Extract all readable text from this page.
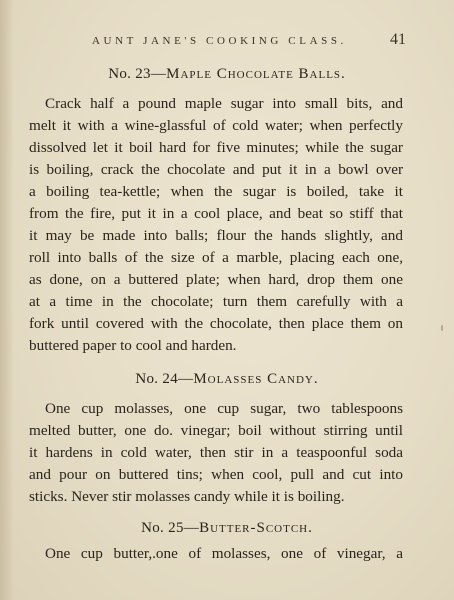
AUNT JANE'S COOKING CLASS.	41
No. 23—Maple Chocolate Balls.
Crack half a pound maple sugar into small bits, and
melt it with a wine-glassful of cold water; when perfectly
dissolved let it boil hard for five minutes; while the sugar
is boiling, crack the chocolate and put it in a bowl over
a boiling tea-kettle; when the sugar is boiled, take it
from the fire, put it in a cool place, and beat so stiff that
it may be made into balls; flour the hands slightly, and
roll into balls of the size of a marble, placing each one,
as done, on a buttered plate; when hard, drop them one
at a time in the chocolate; turn them carefully with a
fork until covered with the chocolate, then place them on
buttered paper to cool and harden.
No. 24—Molasses Candy.
One cup molasses, one cup sugar, two tablespoons
melted butter, one do. vinegar; boil without stirring until
it hardens in cold water, then stir in a teaspoonful soda
and pour on buttered tins; when cool, pull and cut into
sticks. Never stir molasses candy while it is boiling.
No. 25—Butter-Scotch.
One cup butter,.one of molasses, one of vinegar, a
